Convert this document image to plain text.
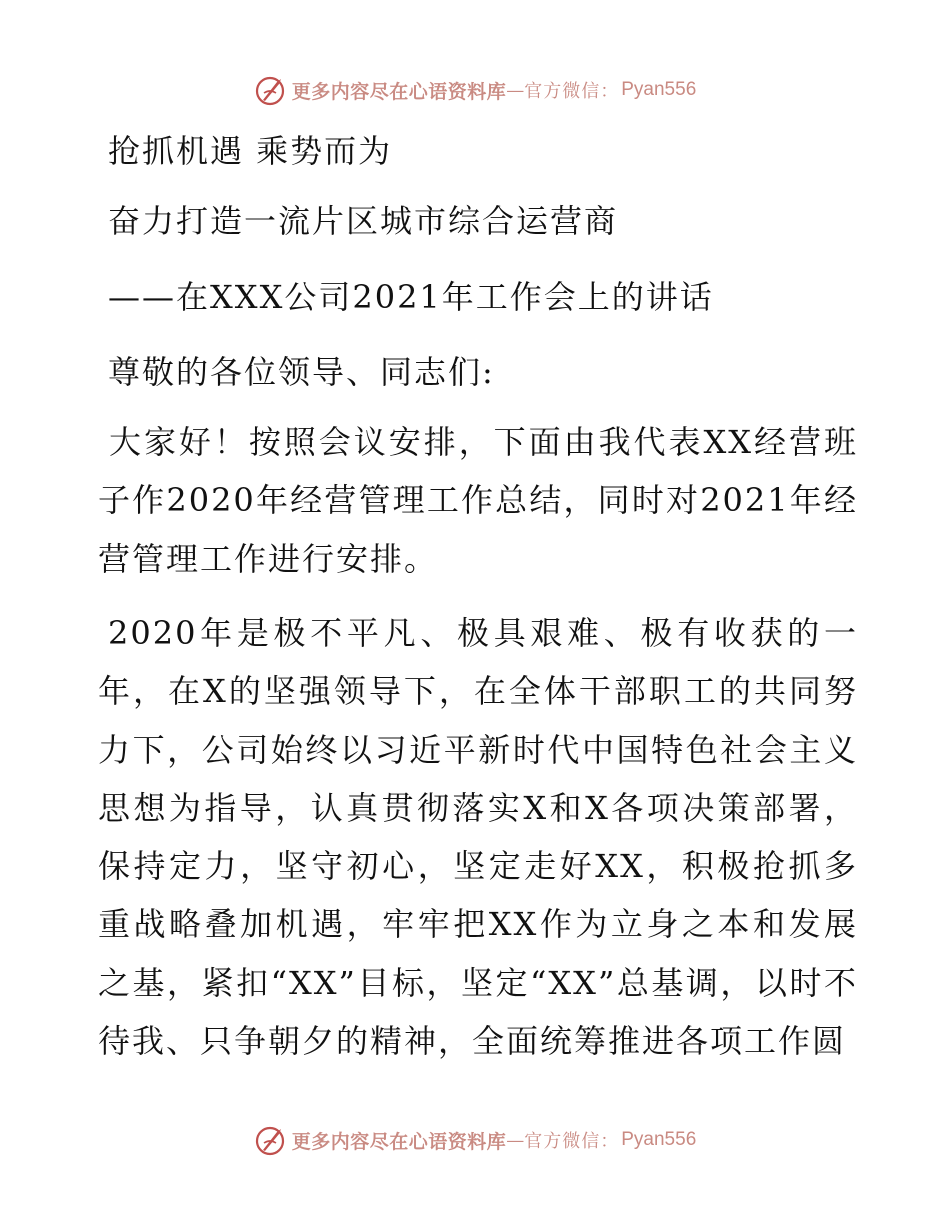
更多内容尽在心语资料库 — 官方微信： Pyan556
抢抓机遇 乘势而为
奋力打造一流片区城市综合运营商
——在XXX公司2021年工作会上的讲话
尊敬的各位领导、同志们:

大家好！按照会议安排，下面由我代表XX经营班子作2020年经营管理工作总结，同时对2021年经营管理工作进行安排。

2020年是极不平凡、极具艰难、极有收获的一年，在X的坚强领导下，在全体干部职工的共同努力下，公司始终以习近平新时代中国特色社会主义思想为指导，认真贯彻落实X和X各项决策部署，保持定力，坚守初心，坚定走好XX，积极抢抓多重战略叠加机遇，牢牢把XX作为立身之本和发展之基，紧扣“XX”目标，坚定“XX”总基调，以时不待我、只争朝夕的精神，全面统筹推进各项工作圆

更多内容尽在心语资料库 — 官方微信： Pyan556
